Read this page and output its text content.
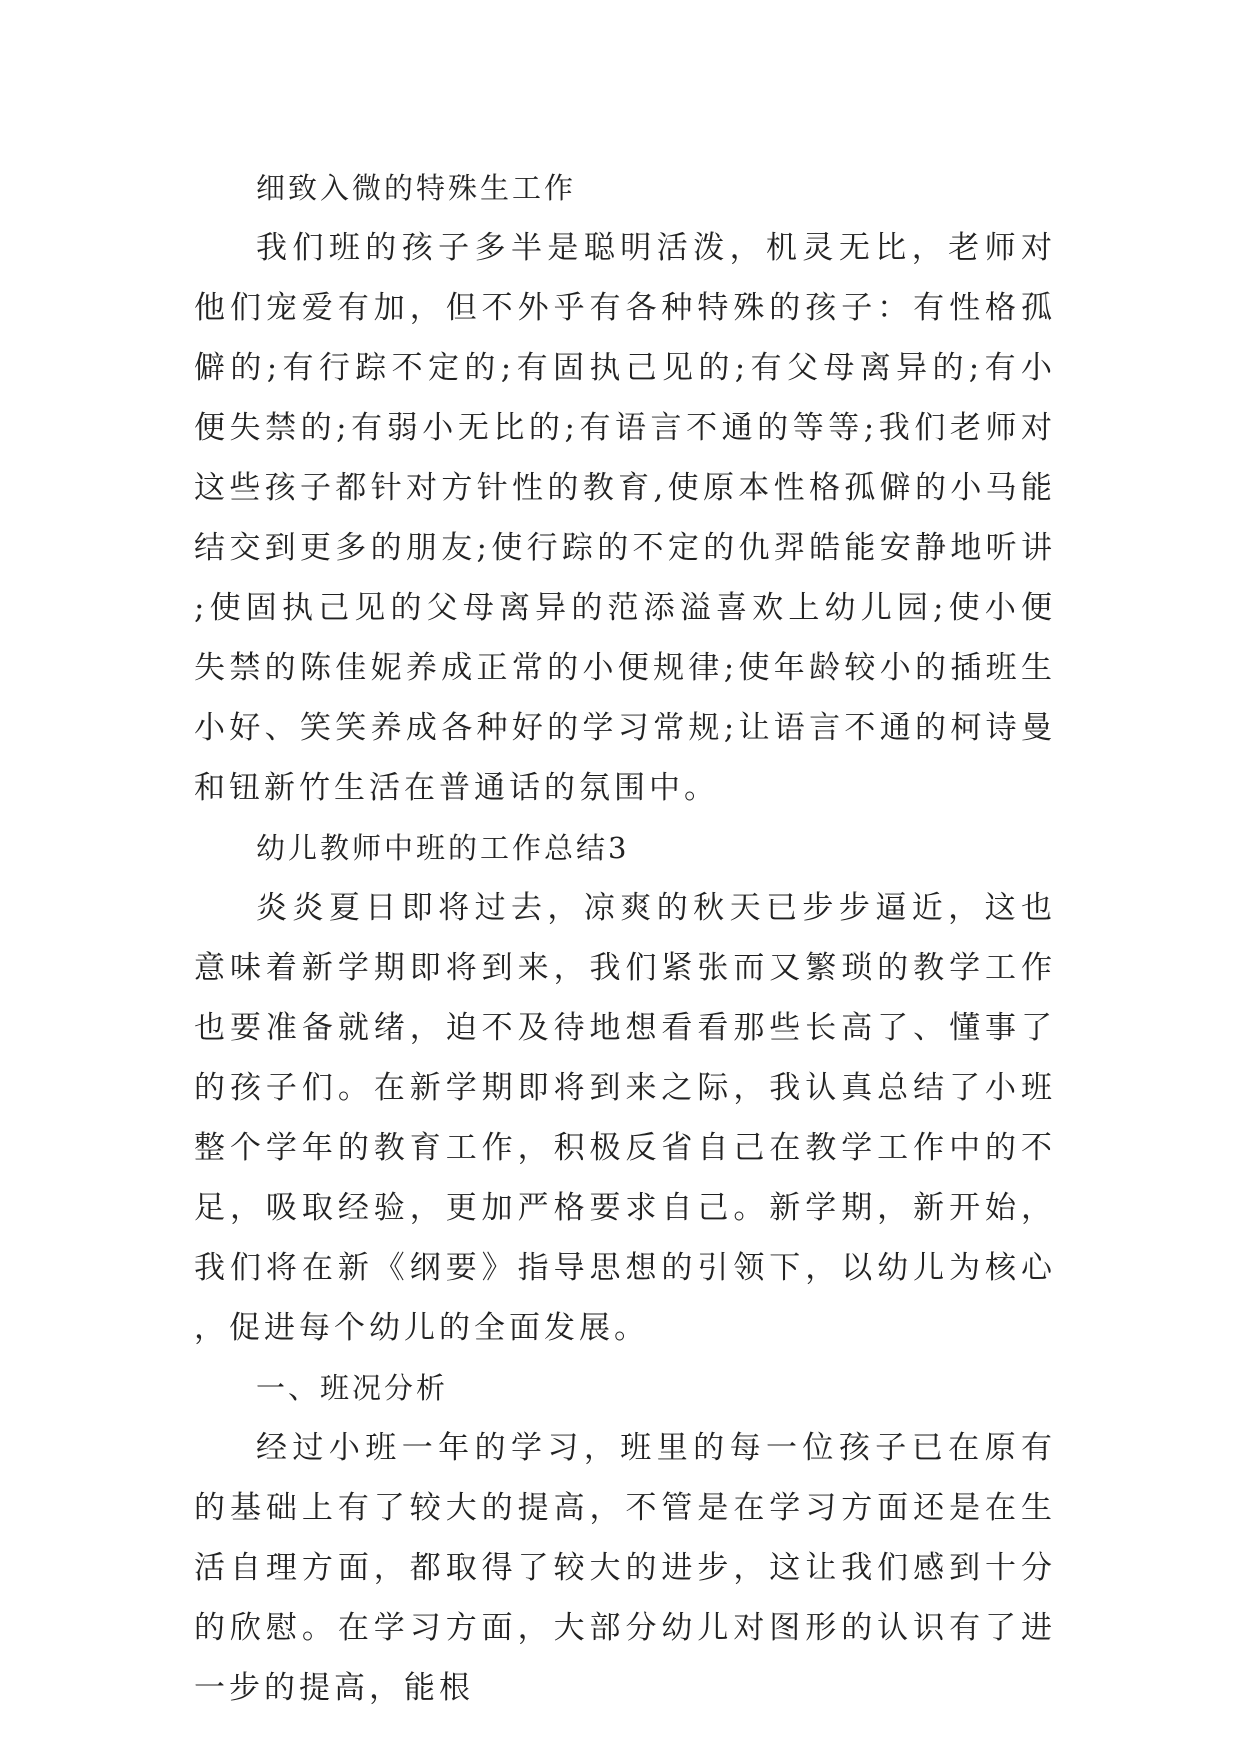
细致入微的特殊生工作

我们班的孩子多半是聪明活泼，机灵无比，老师对他们宠爱有加，但不外乎有各种特殊的孩子：有性格孤僻的;有行踪不定的;有固执己见的;有父母离异的;有小便失禁的;有弱小无比的;有语言不通的等等;我们老师对这些孩子都针对方针性的教育,使原本性格孤僻的小马能结交到更多的朋友;使行踪的不定的仇羿皓能安静地听讲;使固执己见的父母离异的范添溢喜欢上幼儿园;使小便失禁的陈佳妮养成正常的小便规律;使年龄较小的插班生小好、笑笑养成各种好的学习常规;让语言不通的柯诗曼和钮新竹生活在普通话的氛围中。

幼儿教师中班的工作总结3

炎炎夏日即将过去，凉爽的秋天已步步逼近，这也意味着新学期即将到来，我们紧张而又繁琐的教学工作也要准备就绪，迫不及待地想看看那些长高了、懂事了的孩子们。在新学期即将到来之际，我认真总结了小班整个学年的教育工作，积极反省自己在教学工作中的不足，吸取经验，更加严格要求自己。新学期，新开始，我们将在新《纲要》指导思想的引领下，以幼儿为核心，促进每个幼儿的全面发展。

一、班况分析

经过小班一年的学习，班里的每一位孩子已在原有的基础上有了较大的提高，不管是在学习方面还是在生活自理方面，都取得了较大的进步，这让我们感到十分的欣慰。在学习方面，大部分幼儿对图形的认识有了进一步的提高，能根
